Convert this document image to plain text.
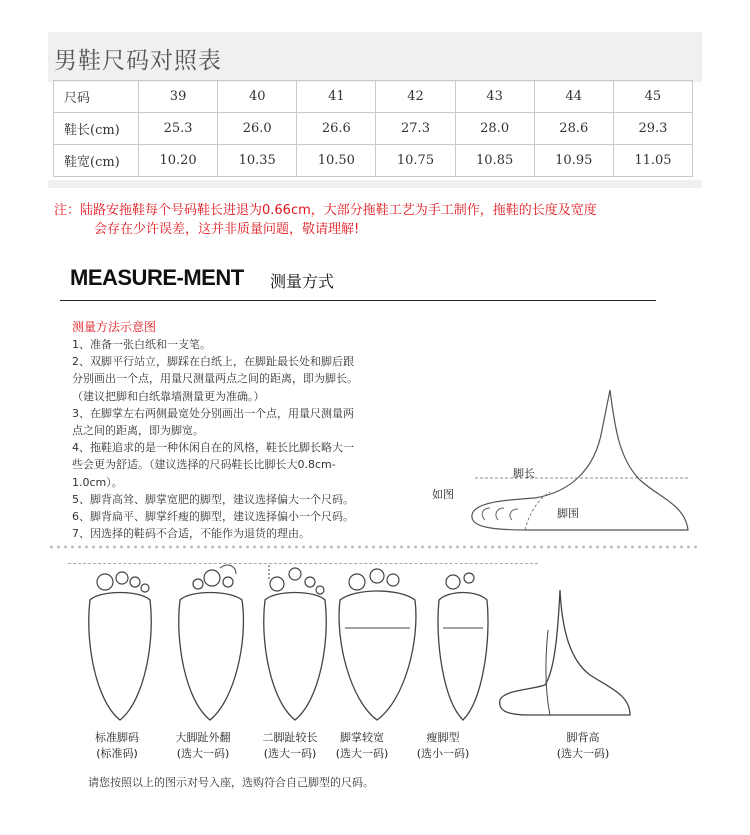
男鞋尺码对照表
尺码	39	40	41	42	43	44	45
鞋长(cm)	25.3	26.0	26.6	27.3	28.0	28.6	29.3
鞋宽(cm)	10.20	10.35	10.50	10.75	10.85	10.95	11.05
注：陆路安拖鞋每个号码鞋长进退为0.66cm，大部分拖鞋工艺为手工制作，拖鞋的长度及宽度
会存在少许误差，这并非质量问题，敬请理解!
MEASURE-MENT 测量方式
测量方法示意图
1、准备一张白纸和一支笔。
2、双脚平行站立，脚踩在白纸上，在脚趾最长处和脚后跟
分别画出一个点，用量尺测量两点之间的距离，即为脚长。
（建议把脚和白纸靠墙测量更为准确。）
3、在脚掌左右两侧最宽处分别画出一个点，用量尺测量两
点之间的距离，即为脚宽。
4、拖鞋追求的是一种休闲自在的风格，鞋长比脚长略大一
些会更为舒适。（建议选择的尺码鞋长比脚长大0.8cm-
1.0cm）。
5、脚背高耸、脚掌宽肥的脚型，建议选择偏大一个尺码。
6、脚背扁平、脚掌纤瘦的脚型，建议选择偏小一个尺码。
7、因选择的鞋码不合适，不能作为退货的理由。
脚长
脚围
如图
标准脚码
(标准码)
大脚趾外翻
(选大一码)
二脚趾较长
(选大一码)
脚掌较宽
(选大一码)
瘦脚型
(选小一码)
脚背高
(选大一码)
请您按照以上的图示对号入座，选购符合自己脚型的尺码。
